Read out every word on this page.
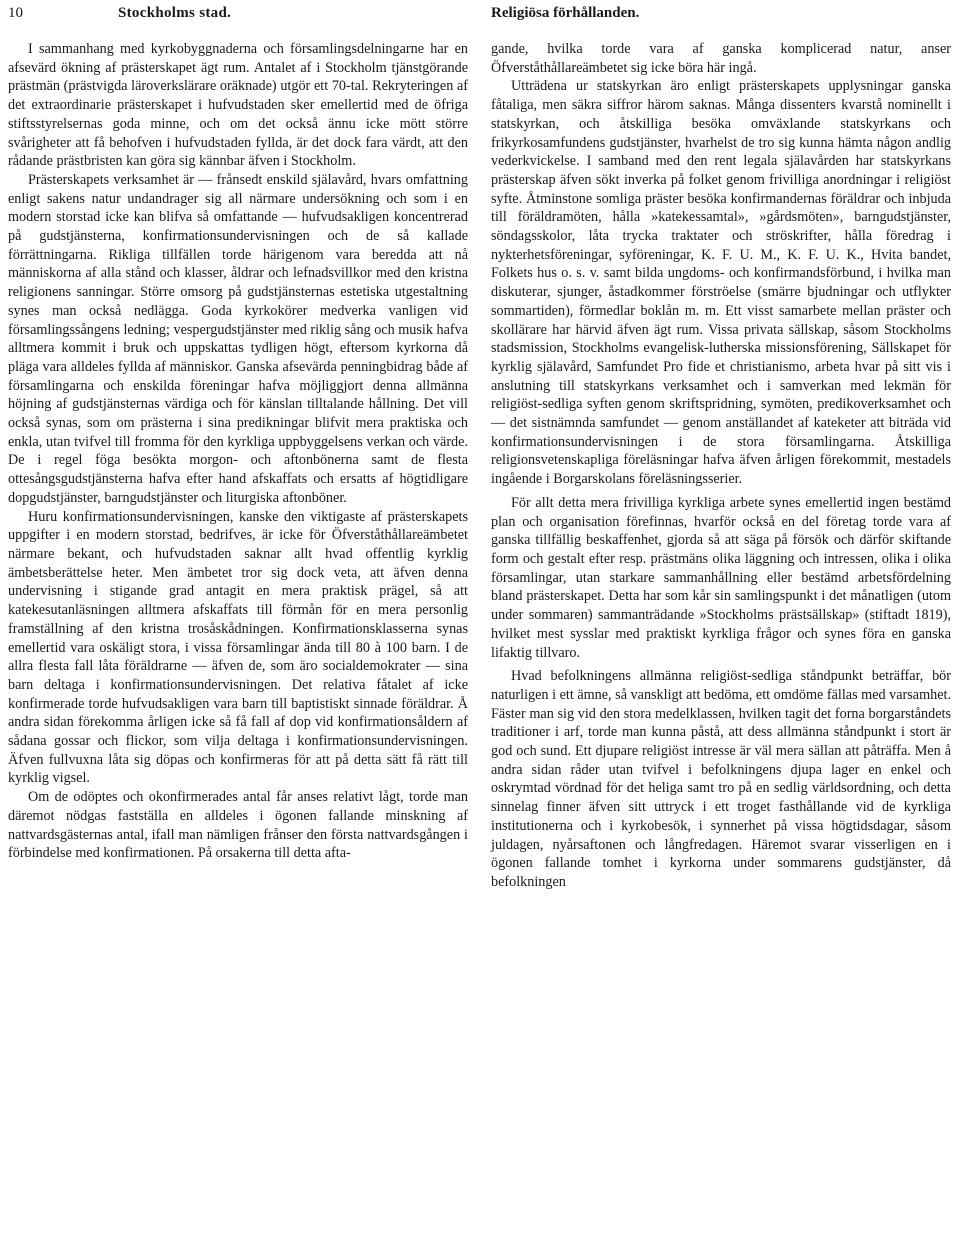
10	Stockholms stad.	Religiösa förhållanden.

I sammanhang med kyrkobyggnaderna och församlingsdelningarne har en afsevärd ökning af prästerskapet ägt rum. Antalet af i Stockholm tjänstgörande prästmän (prästvigda läroverkslärare oräknade) utgör ett 70-tal. Rekryteringen af det extraordinarie prästerskapet i hufvudstaden sker emellertid med de öfriga stiftsstyrelsernas goda minne, och om det också ännu icke mött större svårigheter att få behofven i hufvudstaden fyllda, är det dock fara värdt, att den rådande prästbristen kan göra sig kännbar äfven i Stockholm.

Prästerskapets verksamhet är — frånsedt enskild själavård, hvars omfattning enligt sakens natur undandrager sig all närmare undersökning och som i en modern storstad icke kan blifva så omfattande — hufvudsakligen koncentrerad på gudstjänsterna, konfirmationsundervisningen och de så kallade förrättningarna. Rikliga tillfällen torde härigenom vara beredda att nå människorna af alla stånd och klasser, åldrar och lefnadsvillkor med den kristna religionens sanningar. Större omsorg på gudstjänsternas estetiska utgestaltning synes man också nedlägga. Goda kyrkokörer medverka vanligen vid församlingssångens ledning; vespergudstjänster med riklig sång och musik hafva alltmera kommit i bruk och uppskattas tydligen högt, eftersom kyrkorna då pläga vara alldeles fyllda af människor. Ganska afsevärda penningbidrag både af församlingarna och enskilda föreningar hafva möjliggjort denna allmänna höjning af gudstjänsternas värdiga och för känslan tilltalande hållning. Det vill också synas, som om prästerna i sina predikningar blifvit mera praktiska och enkla, utan tvifvel till fromma för den kyrkliga uppbyggelsens verkan och värde. De i regel föga besökta morgon- och aftonbönerna samt de flesta ottesångsgudstjänsterna hafva efter hand afskaffats och ersatts af högtidligare dopgudstjänster, barngudstjänster och liturgiska aftonböner.

Huru konfirmationsundervisningen, kanske den viktigaste af prästerskapets uppgifter i en modern storstad, bedrifves, är icke för Öfverståthållareämbetet närmare bekant, och hufvudstaden saknar allt hvad offentlig kyrklig ämbetsberättelse heter. Men ämbetet tror sig dock veta, att äfven denna undervisning i stigande grad antagit en mera praktisk prägel, så att katekesutanläsningen alltmera afskaffats till förmån för en mera personlig framställning af den kristna trosåskådningen. Konfirmationsklasserna synas emellertid vara oskäligt stora, i vissa församlingar ända till 80 à 100 barn. I de allra flesta fall låta föräldrarne — äfven de, som äro socialdemokrater — sina barn deltaga i konfirmationsundervisningen. Det relativa fåtalet af icke konfirmerade torde hufvudsakligen vara barn till baptistiskt sinnade föräldrar. Å andra sidan förekomma årligen icke så få fall af dop vid konfirmationsåldern af sådana gossar och flickor, som vilja deltaga i konfirmationsundervisningen. Äfven fullvuxna låta sig döpas och konfirmeras för att på detta sätt få rätt till kyrklig vigsel.

Om de odöptes och okonfirmerades antal får anses relativt lågt, torde man däremot nödgas fastställa en alldeles i ögonen fallande minskning af nattvardsgästernas antal, ifall man nämligen frånser den första nattvardsgången i förbindelse med konfirmationen. På orsakerna till detta afta-

gande, hvilka torde vara af ganska komplicerad natur, anser Öfverståthållareämbetet sig icke böra här ingå.

Utträdena ur statskyrkan äro enligt prästerskapets upplysningar ganska fåtaliga, men säkra siffror härom saknas. Många dissenters kvarstå nominellt i statskyrkan, och åtskilliga besöka omväxlande statskyrkans och frikyrkosamfundens gudstjänster, hvarhelst de tro sig kunna hämta någon andlig vederkvickelse. I samband med den rent legala själavården har statskyrkans prästerskap äfven sökt inverka på folket genom frivilliga anordningar i religiöst syfte. Åtminstone somliga präster besöka konfirmandernas föräldrar och inbjuda till föräldramöten, hålla »katekessamtal», »gårdsmöten», barngudstjänster, söndagsskolor, låta trycka traktater och ströskrifter, hålla föredrag i nykterhetsföreningar, syföreningar, K. F. U. M., K. F. U. K., Hvita bandet, Folkets hus o. s. v. samt bilda ungdoms- och konfirmandsförbund, i hvilka man diskuterar, sjunger, åstadkommer förströelse (smärre bjudningar och utflykter sommartiden), förmedlar boklån m. m. Ett visst samarbete mellan präster och skollärare har härvid äfven ägt rum. Vissa privata sällskap, såsom Stockholms stadsmission, Stockholms evangelisk-lutherska missionsförening, Sällskapet för kyrklig själavård, Samfundet Pro fide et christianismo, arbeta hvar på sitt vis i anslutning till statskyrkans verksamhet och i samverkan med lekmän för religiöst-sedliga syften genom skriftspridning, symöten, predikoverksamhet och — det sistnämnda samfundet — genom anställandet af kateketer att biträda vid konfirmationsundervisningen i de stora församlingarna. Åtskilliga religionsvetenskapliga föreläsningar hafva äfven årligen förekommit, mestadels ingående i Borgarskolans föreläsningsserier.

För allt detta mera frivilliga kyrkliga arbete synes emellertid ingen bestämd plan och organisation förefinnas, hvarför också en del företag torde vara af ganska tillfällig beskaffenhet, gjorda så att säga på försök och därför skiftande form och gestalt efter resp. prästmäns olika läggning och intressen, olika i olika församlingar, utan starkare sammanhållning eller bestämd arbetsfördelning bland prästerskapet. Detta har som kår sin samlingspunkt i det månatligen (utom under sommaren) sammanträdande »Stockholms prästsällskap» (stiftadt 1819), hvilket mest sysslar med praktiskt kyrkliga frågor och synes föra en ganska lifaktig tillvaro.

Hvad befolkningens allmänna religiöst-sedliga ståndpunkt beträffar, bör naturligen i ett ämne, så vanskligt att bedöma, ett omdöme fällas med varsamhet. Fäster man sig vid den stora medelklassen, hvilken tagit det forna borgarståndets traditioner i arf, torde man kunna påstå, att dess allmänna ståndpunkt i stort är god och sund. Ett djupare religiöst intresse är väl mera sällan att påträffa. Men å andra sidan råder utan tvifvel i befolkningens djupa lager en enkel och oskrymtad vördnad för det heliga samt tro på en sedlig världsordning, och detta sinnelag finner äfven sitt uttryck i ett troget fasthållande vid de kyrkliga institutionerna och i kyrkobesök, i synnerhet på vissa högtidsdagar, såsom juldagen, nyårsaftonen och långfredagen. Häremot svarar visserligen en i ögonen fallande tomhet i kyrkorna under sommarens gudstjänster, då befolkningen
